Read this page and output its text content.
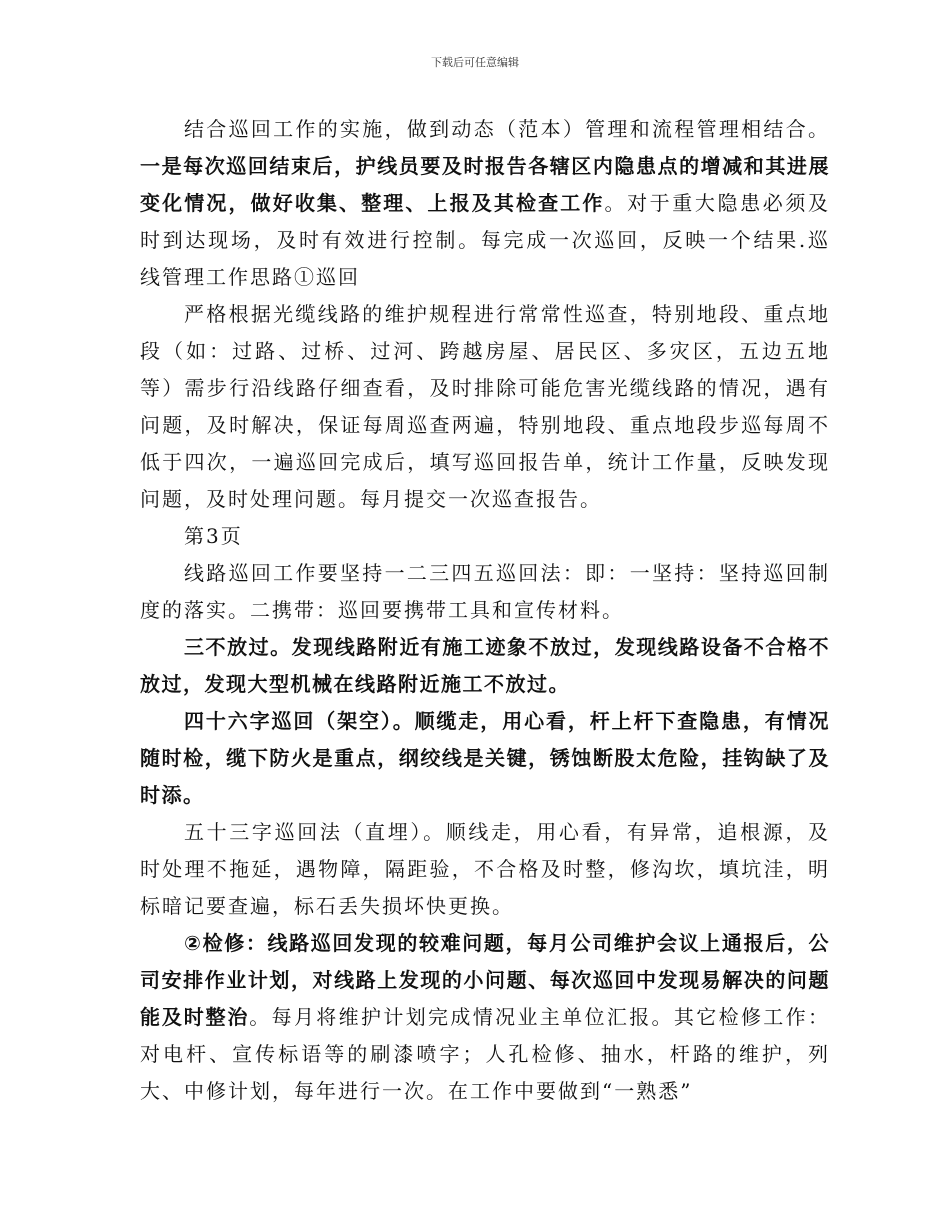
下载后可任意编辑

结合巡回工作的实施，做到动态（范本）管理和流程管理相结合。一是每次巡回结束后，护线员要及时报告各辖区内隐患点的增减和其进展变化情况，做好收集、整理、上报及其检查工作。对于重大隐患必须及时到达现场，及时有效进行控制。每完成一次巡回，反映一个结果.巡线管理工作思路①巡回

严格根据光缆线路的维护规程进行常常性巡查，特别地段、重点地段（如：过路、过桥、过河、跨越房屋、居民区、多灾区，五边五地等）需步行沿线路仔细查看，及时排除可能危害光缆线路的情况，遇有问题，及时解决，保证每周巡查两遍，特别地段、重点地段步巡每周不低于四次，一遍巡回完成后，填写巡回报告单，统计工作量，反映发现问题，及时处理问题。每月提交一次巡查报告。

第3页

线路巡回工作要坚持一二三四五巡回法：即：一坚持：坚持巡回制度的落实。二携带：巡回要携带工具和宣传材料。

三不放过。发现线路附近有施工迹象不放过，发现线路设备不合格不放过，发现大型机械在线路附近施工不放过。

四十六字巡回（架空）。顺缆走，用心看，杆上杆下查隐患，有情况随时检，缆下防火是重点，纲绞线是关键，锈蚀断股太危险，挂钩缺了及时添。

五十三字巡回法（直埋）。顺线走，用心看，有异常，追根源，及时处理不拖延，遇物障，隔距验，不合格及时整，修沟坎，填坑洼，明标暗记要查遍，标石丢失损坏快更换。

②检修：线路巡回发现的较难问题，每月公司维护会议上通报后，公司安排作业计划，对线路上发现的小问题、每次巡回中发现易解决的问题能及时整治。每月将维护计划完成情况业主单位汇报。其它检修工作：对电杆、宣传标语等的刷漆喷字；人孔检修、抽水，杆路的维护，列大、中修计划，每年进行一次。在工作中要做到“一熟悉”
